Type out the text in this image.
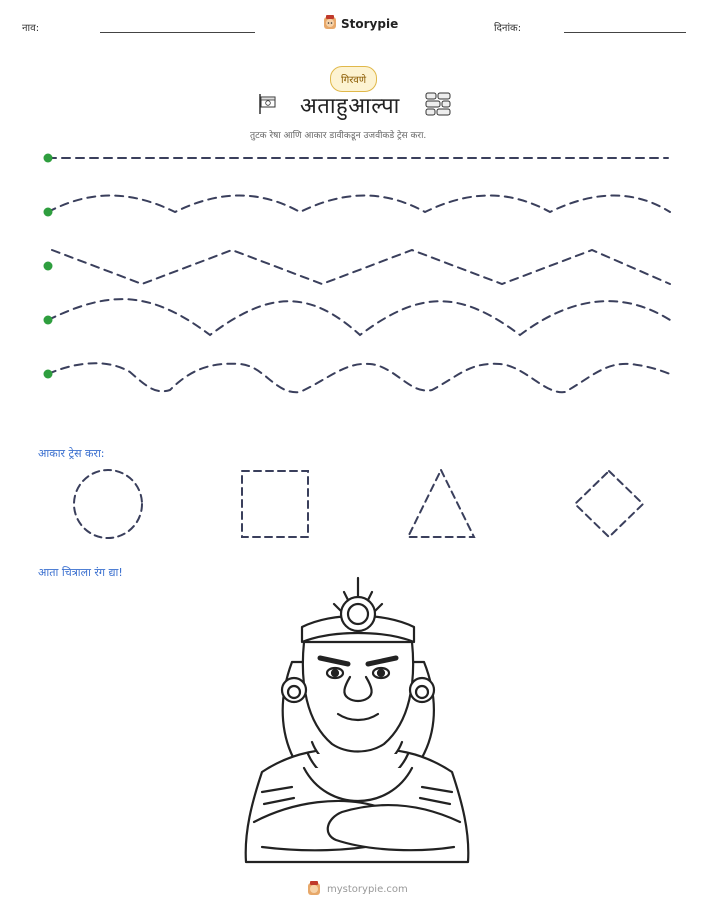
नाव:	Storypie	दिनांक:
गिरवणे
अताहुआल्पा
तुटक रेषा आणि आकार डावीकडून उजवीकडे ट्रेस करा.
आकार ट्रेस करा:
आता चित्राला रंग द्या!
mystorypie.com
